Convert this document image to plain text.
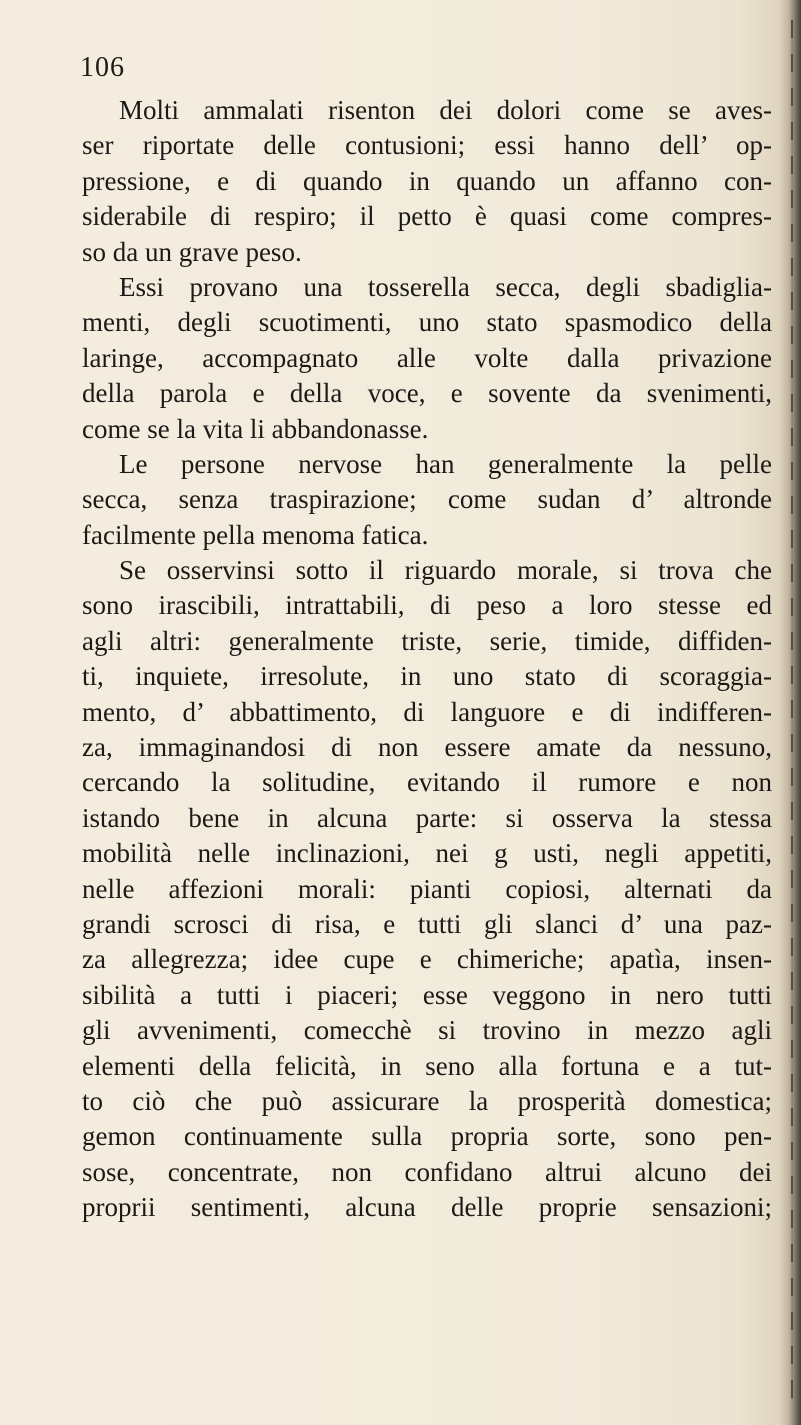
106
Molti ammalati risenton dei dolori come se aves-
ser riportate delle contusioni; essi hanno dell’ op-
pressione, e di quando in quando un affanno con-
siderabile di respiro; il petto è quasi come compres-
so da un grave peso.
Essi provano una tosserella secca, degli sbadiglia-
menti, degli scuotimenti, uno stato spasmodico della
laringe, accompagnato alle volte dalla privazione
della parola e della voce, e sovente da svenimenti,
come se la vita li abbandonasse.
Le persone nervose han generalmente la pelle
secca, senza traspirazione; come sudan d’ altronde
facilmente pella menoma fatica.
Se osservinsi sotto il riguardo morale, si trova che
sono irascibili, intrattabili, di peso a loro stesse ed
agli altri: generalmente triste, serie, timide, diffiden-
ti, inquiete, irresolute, in uno stato di scoraggia-
mento, d’ abbattimento, di languore e di indifferen-
za, immaginandosi di non essere amate da nessuno,
cercando la solitudine, evitando il rumore e non
istando bene in alcuna parte: si osserva la stessa
mobilità nelle inclinazioni, nei g usti, negli appetiti,
nelle affezioni morali: pianti copiosi, alternati da
grandi scrosci di risa, e tutti gli slanci d’ una paz-
za allegrezza; idee cupe e chimeriche; apatìa, insen-
sibilità a tutti i piaceri; esse veggono in nero tutti
gli avvenimenti, comecchè si trovino in mezzo agli
elementi della felicità, in seno alla fortuna e a tut-
to ciò che può assicurare la prosperità domestica;
gemon continuamente sulla propria sorte, sono pen-
sose, concentrate, non confidano altrui alcuno dei
proprii sentimenti, alcuna delle proprie sensazioni;
